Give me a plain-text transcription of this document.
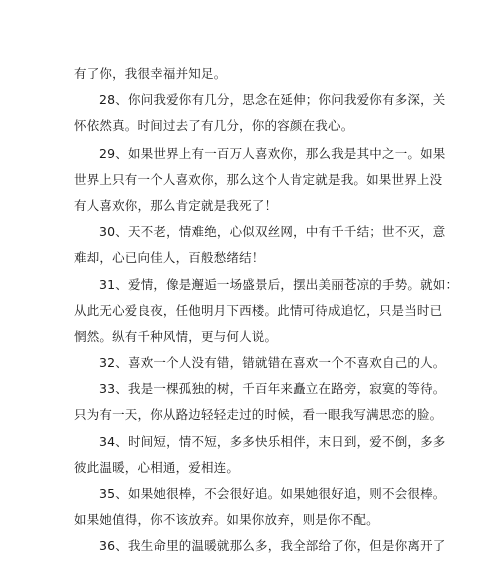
有了你，我很幸福并知足。
28、你问我爱你有几分，思念在延伸；你问我爱你有多深，关
怀依然真。时间过去了有几分，你的容颜在我心。
29、如果世界上有一百万人喜欢你，那么我是其中之一。如果
世界上只有一个人喜欢你，那么这个人肯定就是我。如果世界上没
有人喜欢你，那么肯定就是我死了！
30、天不老，情难绝，心似双丝网，中有千千结；世不灭，意
难却，心已向佳人，百般愁绪结！
31、爱情，像是邂逅一场盛景后，摆出美丽苍凉的手势。就如：
从此无心爱良夜，任他明月下西楼。此情可待成追忆，只是当时已
惘然。纵有千种风情，更与何人说。
32、喜欢一个人没有错，错就错在喜欢一个不喜欢自己的人。
33、我是一棵孤独的树，千百年来矗立在路旁，寂寞的等待。
只为有一天，你从路边轻轻走过的时候，看一眼我写满思恋的脸。
34、时间短，情不短，多多快乐相伴，末日到，爱不倒，多多
彼此温暖，心相通，爱相连。
35、如果她很棒，不会很好追。如果她很好追，则不会很棒。
如果她值得，你不该放弃。如果你放弃，则是你不配。
36、我生命里的温暖就那么多，我全部给了你，但是你离开了
